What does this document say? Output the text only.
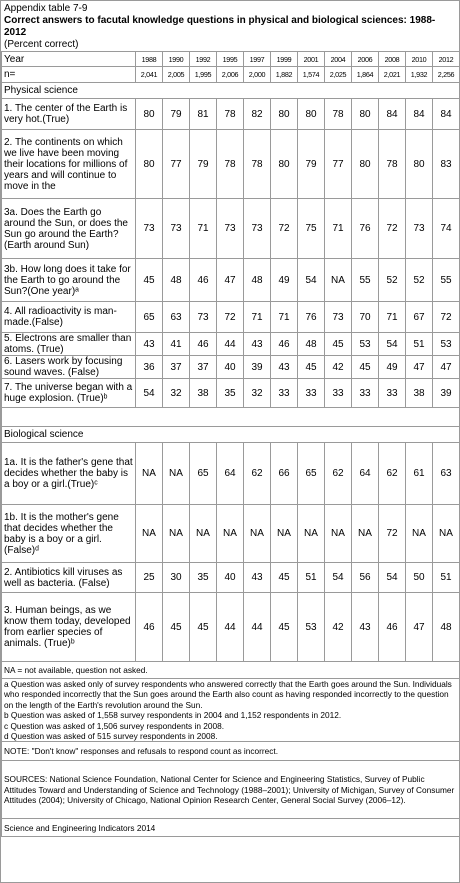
Appendix table 7-9
Correct answers to facutal knowledge questions in physical and biological sciences: 1988-2012
(Percent correct)
Year	1988	1990	1992	1995	1997	1999	2001	2004	2006	2008	2010	2012
n=	2,041	2,005	1,995	2,006	2,000	1,882	1,574	2,025	1,864	2,021	1,932	2,256
Physical science												
1. The center of the Earth is very hot.(True)	80	79	81	78	82	80	80	78	80	84	84	84
2. The continents on which we live have been moving their locations for millions of years and will continue to move in the	80	77	79	78	78	80	79	77	80	78	80	83
3a. Does the Earth go around the Sun, or does the Sun go around the Earth? (Earth around Sun)	73	73	71	73	73	72	75	71	76	72	73	74
3b. How long does it take for the Earth to go around the Sun?(One year)ᵃ	45	48	46	47	48	49	54	NA	55	52	52	55
4. All radioactivity is man-made.(False)	65	63	73	72	71	71	76	73	70	71	67	72
5. Electrons are smaller than atoms. (True)	43	41	46	44	43	46	48	45	53	54	51	53
6. Lasers work by focusing sound waves. (False)	36	37	37	40	39	43	45	42	45	49	47	47
7. The universe began with a huge explosion. (True)ᵇ	54	32	38	35	32	33	33	33	33	33	38	39

Biological science												
1a. It is the father's gene that decides whether the baby is a boy or a girl.(True)ᶜ	NA	NA	65	64	62	66	65	62	64	62	61	63
1b. It is the mother's gene that decides whether the baby is a boy or a girl.(False)ᵈ	NA	NA	NA	NA	NA	NA	NA	NA	NA	72	NA	NA
2. Antibiotics kill viruses as well as bacteria. (False)	25	30	35	40	43	45	51	54	56	54	50	51
3. Human beings, as we know them today, developed from earlier species of animals. (True)ᵇ	46	45	45	44	44	45	53	42	43	46	47	48
NA = not available, question not asked.												

a Question was asked only of survey respondents who answered correctly that the Earth goes around the Sun. Individuals who responded incorrectly that the Sun goes around the Earth also count as having responded incorrectly to the question on the length of the Earth's revolution around the Sun.
b Question was asked of 1,558 survey respondents in 2004 and 1,152 respondents in 2012.
c Question was asked of 1,506 survey respondents in 2008.
d Question was asked of 515 survey respondents in 2008.												

NOTE: "Don't know" responses and refusals to respond count as incorrect.												
SOURCES: National Science Foundation, National Center for Science and Engineering Statistics, Survey of Public Attitudes Toward and Understanding of Science and Technology (1988–2001); University of Michigan, Survey of Consumer Attitudes (2004); University of Chicago, National Opinion Research Center, General Social Survey (2006–12).												
Science and Engineering Indicators 2014												
